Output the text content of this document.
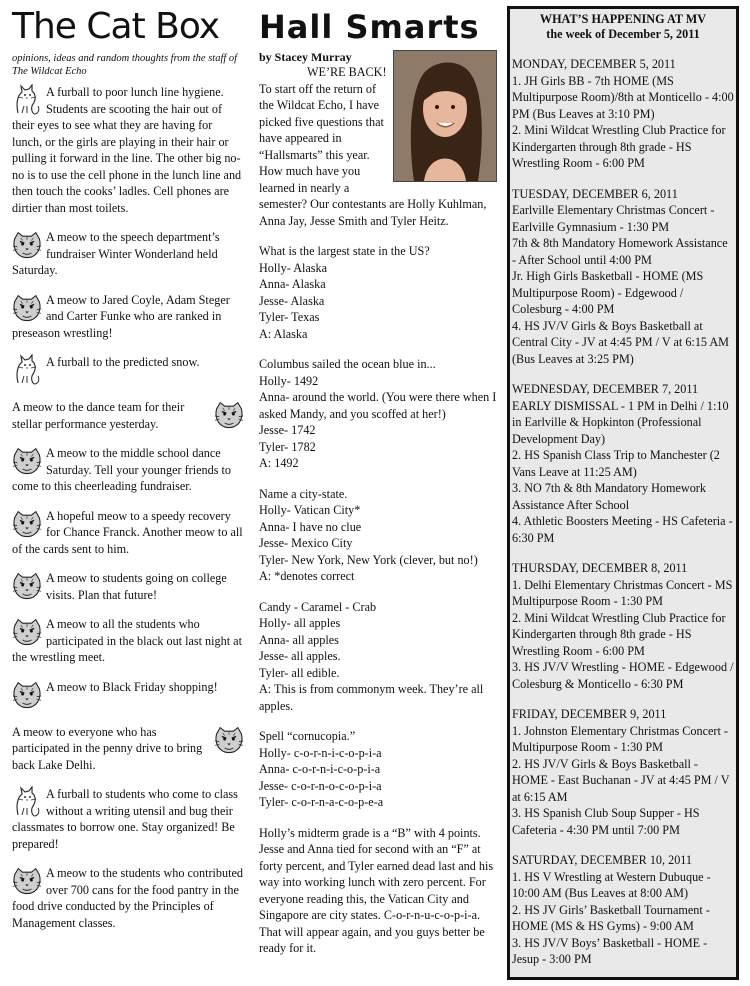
The Cat Box
opinions, ideas and random thoughts from the staff of The Wildcat Echo
A furball to poor lunch line hygiene. Students are scooting the hair out of their eyes to see what they are having for lunch, or the girls are playing in their hair or pulling it forward in the line. The other big no-no is to use the cell phone in the lunch line and then touch the cooks’ ladles. Cell phones are dirtier than most toilets.
A meow to the speech department’s fundraiser Winter Wonderland held Saturday.
A meow to Jared Coyle, Adam Steger and Carter Funke who are ranked in preseason wrestling!
A furball to the predicted snow.
A meow to the dance team for their stellar performance yesterday.
A meow to the middle school dance Saturday. Tell your younger friends to come to this cheerleading fundraiser.
A hopeful meow to a speedy recovery for Chance Franck. Another meow to all of the cards sent to him.
A meow to students going on college visits. Plan that future!
A meow to all the students who participated in the black out last night at the wrestling meet.
A meow to Black Friday shopping!
A meow to everyone who has participated in the penny drive to bring back Lake Delhi.
A furball to students who come to class without a writing utensil and bug their classmates to borrow one. Stay organized! Be prepared!
A meow to the students who contributed over 700 cans for the food pantry in the food drive conducted by the Principles of Management classes.
Hall Smarts
by Stacey Murray
WE’RE BACK! To start off the return of the Wildcat Echo, I have picked five questions that have appeared in “Hallsmarts” this year. How much have you learned in nearly a semester? Our contestants are Holly Kuhlman, Anna Jay, Jesse Smith and Tyler Heitz.
What is the largest state in the US?
Holly- Alaska
Anna- Alaska
Jesse- Alaska
Tyler- Texas
A: Alaska
Columbus sailed the ocean blue in...
Holly- 1492
Anna- around the world. (You were there when I asked Mandy, and you scoffed at her!)
Jesse- 1742
Tyler- 1782
A: 1492
Name a city-state.
Holly- Vatican City*
Anna- I have no clue
Jesse- Mexico City
Tyler- New York, New York (clever, but no!)
A: *denotes correct
Candy - Caramel - Crab
Holly- all apples
Anna- all apples
Jesse- all apples.
Tyler- all edible.
A: This is from commonym week. They’re all apples.
Spell “cornucopia.”
Holly- c-o-r-n-i-c-o-p-i-a
Anna- c-o-r-n-i-c-o-p-i-a
Jesse- c-o-r-n-o-c-o-p-i-a
Tyler- c-o-r-n-a-c-o-p-e-a
Holly’s midterm grade is a “B” with 4 points. Jesse and Anna tied for second with an “F” at forty percent, and Tyler earned dead last and his way into working lunch with zero percent. For everyone reading this, the Vatican City and Singapore are city states. C-o-r-n-u-c-o-p-i-a. That will appear again, and you guys better be ready for it.
WHAT’S HAPPENING AT MV
the week of December 5, 2011
MONDAY, DECEMBER 5, 2011
1. JH Girls BB - 7th HOME (MS Multipurpose Room)/8th at Monticello - 4:00 PM (Bus Leaves at 3:10 PM)
2. Mini Wildcat Wrestling Club Practice for Kindergarten through 8th grade - HS Wrestling Room - 6:00 PM
TUESDAY, DECEMBER 6, 2011
Earlville Elementary Christmas Concert - Earlville Gymnasium - 1:30 PM
7th & 8th Mandatory Homework Assistance - After School until 4:00 PM
Jr. High Girls Basketball - HOME (MS Multipurpose Room) - Edgewood / Colesburg - 4:00 PM
4. HS JV/V Girls & Boys Basketball at Central City - JV at 4:45 PM / V at 6:15 AM (Bus Leaves at 3:25 PM)
WEDNESDAY, DECEMBER 7, 2011
EARLY DISMISSAL - 1 PM in Delhi / 1:10 in Earlville & Hopkinton (Professional Development Day)
2. HS Spanish Class Trip to Manchester (2 Vans Leave at 11:25 AM)
3. NO 7th & 8th Mandatory Homework Assistance After School
4. Athletic Boosters Meeting - HS Cafeteria - 6:30 PM
THURSDAY, DECEMBER 8, 2011
1. Delhi Elementary Christmas Concert - MS Multipurpose Room - 1:30 PM
2. Mini Wildcat Wrestling Club Practice for Kindergarten through 8th grade - HS Wrestling Room - 6:00 PM
3. HS JV/V Wrestling - HOME - Edgewood / Colesburg & Monticello - 6:30 PM
FRIDAY, DECEMBER 9, 2011
1. Johnston Elementary Christmas Concert - Multipurpose Room - 1:30 PM
2. HS JV/V Girls & Boys Basketball - HOME - East Buchanan - JV at 4:45 PM / V at 6:15 AM
3. HS Spanish Club Soup Supper - HS Cafeteria - 4:30 PM until 7:00 PM
SATURDAY, DECEMBER 10, 2011
1. HS V Wrestling at Western Dubuque - 10:00 AM (Bus Leaves at 8:00 AM)
2. HS JV Girls’ Basketball Tournament - HOME (MS & HS Gyms) - 9:00 AM
3. HS JV/V Boys’ Basketball - HOME - Jesup - 3:00 PM
